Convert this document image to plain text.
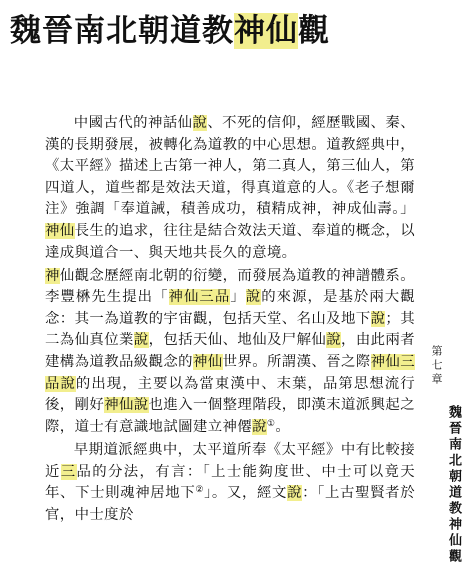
魏晉南北朝道教神仙觀

中國古代的神話仙說、不死的信仰，經歷戰國、秦、漢的長期發展，被轉化為道教的中心思想。道教經典中，《太平經》描述上古第一神人，第二真人，第三仙人，第四道人，道些都是效法天道，得真道意的人。《老子想爾注》強調「奉道誡，積善成功，積精成神，神成仙壽。」神仙長生的追求，往往是結合效法天道、奉道的概念，以達成與道合一、與天地共長久的意境。

神仙觀念歷經南北朝的衍變，而發展為道教的神譜體系。李豐楙先生提出「神仙三品」說的來源，是基於兩大觀念：其一為道教的宇宙觀，包括天堂、名山及地下說；其二為仙真位業說，包括天仙、地仙及尸解仙說，由此兩者建構為道教品級觀念的神仙世界。所謂漢、晉之際神仙三品說的出現，主要以為當東漢中、末葉，品第思想流行後，剛好神仙說也進入一個整理階段，即漢末道派興起之際，道士有意識地試圖建立神僊說①。

早期道派經典中，太平道所奉《太平經》中有比較接近三品的分法，有言：「上士能夠度世、中士可以竟天年、下士則魂神居地下②」。又，經文說：「上古聖賢者於官，中士度於

第七章
魏晉南北朝道教神仙觀
